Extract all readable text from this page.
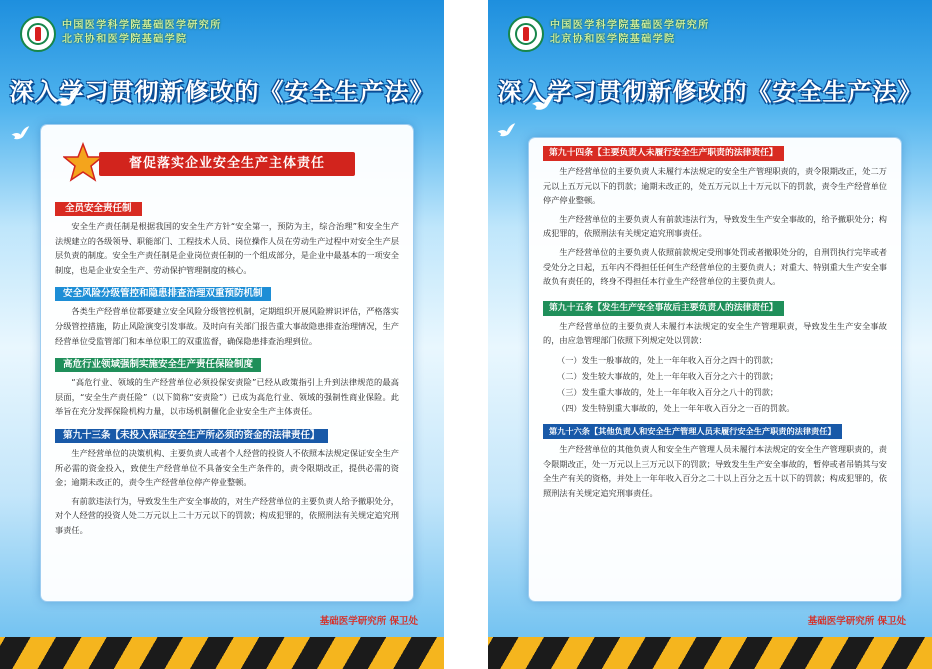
中国医学科学院基础医学研究所
北京协和医学院基础学院
深入学习贯彻新修改的《安全生产法》
督促落实企业安全生产主体责任
全员安全责任制

安全生产责任制是根据我国的安全生产方针“安全第一，预防为主，综合治理”和安全生产法规建立的各级领导、职能部门、工程技术人员、岗位操作人员在劳动生产过程中对安全生产层层负责的制度。安全生产责任制是企业岗位责任制的一个组成部分，是企业中最基本的一项安全制度，也是企业安全生产、劳动保护管理制度的核心。

安全风险分级管控和隐患排查治理双重预防机制

各类生产经营单位都要建立安全风险分级管控机制，定期组织开展风险辨识评估，严格落实分级管控措施，防止风险演变引发事故。及时向有关部门报告重大事故隐患排查治理情况，生产经营单位受监管部门和本单位职工的双重监督，确保隐患排查治理到位。

高危行业领域强制实施安全生产责任保险制度

“高危行业、领域的生产经营单位必须投保安责险”已经从政策指引上升到法律规范的最高层面，“安全生产责任险”（以下简称“安责险”）已成为高危行业、领域的强制性商业保险。此举旨在充分发挥保险机构力量，以市场机制催化企业安全生产主体责任。

第九十三条【未投入保证安全生产所必须的资金的法律责任】

生产经营单位的决策机构、主要负责人或者个人经营的投资人不依照本法规定保证安全生产所必需的资金投入，致使生产经营单位不具备安全生产条件的，责令限期改正，提供必需的资金；逾期未改正的，责令生产经营单位停产停业整顿。

有前款违法行为，导致发生生产安全事故的，对生产经营单位的主要负责人给予撤职处分，对个人经营的投资人处二万元以上二十万元以下的罚款；构成犯罪的，依照刑法有关规定追究刑事责任。

基础医学研究所 保卫处
中国医学科学院基础医学研究所
北京协和医学院基础学院
深入学习贯彻新修改的《安全生产法》
第九十四条【主要负责人未履行安全生产职责的法律责任】

生产经营单位的主要负责人未履行本法规定的安全生产管理职责的，责令限期改正，处二万元以上五万元以下的罚款；逾期未改正的，处五万元以上十万元以下的罚款，责令生产经营单位停产停业整顿。

生产经营单位的主要负责人有前款违法行为，导致发生生产安全事故的，给予撤职处分；构成犯罪的，依照刑法有关规定追究刑事责任。

生产经营单位的主要负责人依照前款规定受刑事处罚或者撤职处分的，自刑罚执行完毕或者受处分之日起，五年内不得担任任何生产经营单位的主要负责人；对重大、特别重大生产安全事故负有责任的，终身不得担任本行业生产经营单位的主要负责人。

第九十五条【发生生产安全事故后主要负责人的法律责任】

生产经营单位的主要负责人未履行本法规定的安全生产管理职责，导致发生生产安全事故的，由应急管理部门依照下列规定处以罚款：

（一）发生一般事故的，处上一年年收入百分之四十的罚款；
（二）发生较大事故的，处上一年年收入百分之六十的罚款；
（三）发生重大事故的，处上一年年收入百分之八十的罚款；
（四）发生特别重大事故的，处上一年年收入百分之一百的罚款。
第九十六条【其他负责人和安全生产管理人员未履行安全生产职责的法律责任】

生产经营单位的其他负责人和安全生产管理人员未履行本法规定的安全生产管理职责的，责令限期改正，处一万元以上三万元以下的罚款；导致发生生产安全事故的，暂停或者吊销其与安全生产有关的资格，并处上一年年收入百分之二十以上百分之五十以下的罚款；构成犯罪的，依照刑法有关规定追究刑事责任。

基础医学研究所 保卫处
